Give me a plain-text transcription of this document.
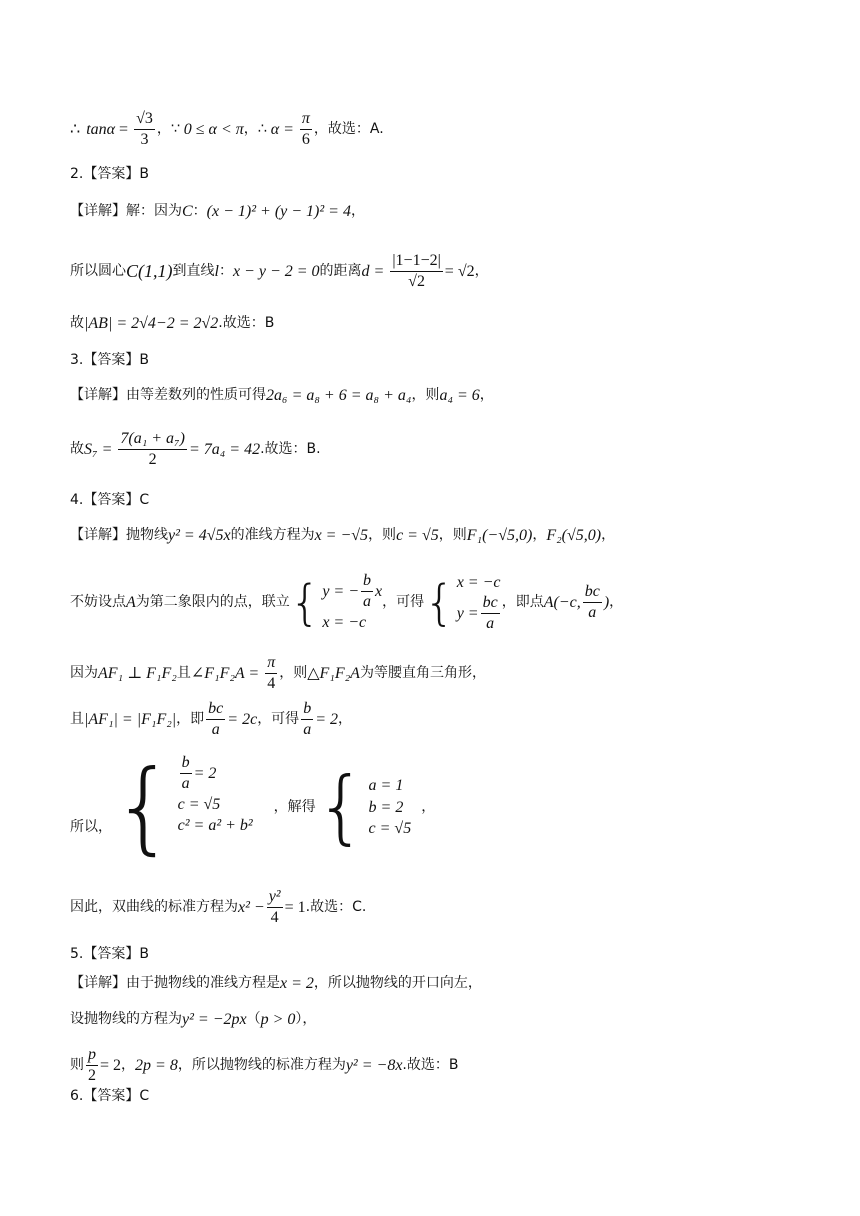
∴ $\tan\alpha = \frac{√3}{3}$ ，∵ 0 ≤ α < π ，∴ $\alpha = \frac{\pi}{6}$ ，故选：A.
2.【答案】B
【详解】解：因为 C ： (x − 1)² + (y − 1)² = 4 ，
所以圆心 C(1,1) 到直线 l ： x − y − 2 = 0 的距离 $d = \frac{|1-1-2|}{√2} = √2$ ，
故 |AB| = 2√4−2 = 2√2 .故选：B
3.【答案】B
【详解】由等差数列的性质可得 2a₆ = a₈ + 6 = a₈ + a₄ ，则 a₄ = 6 ，
故 $S_7 = \frac{\text{7(a₁ + a₇)}}{2} = 7a_4 = 42$ .故选：B.
4.【答案】C
【详解】抛物线 y² = 4√5x 的准线方程为 x = −√5 ，则 c = √5 ，则 F₁(−√5,0) ， F₂(√5,0) ，
不妨设点 A 为第二象限内的点，联立 { y = − $\frac{b}{a}$ x
x = −c
，可得 { x = −c
$y = \frac{bc}{a}$ ，即点 A(−c, $\frac{bc}{a}$ ) ，
因为 AF₁ ⊥ F₁F₂ 且 ∠F₁F₂A = $\frac{\pi}{4}$ ，则 △F₁F₂A 为等腰直角三角形，
且 |AF₁| = |F₁F₂| ，即 $\frac{bc}{a} = 2c$ ，可得 $\frac{b}{a} = 2$ ，
所以， { $\frac{b}{a} = 2$
c = √5
c² = a² + b²
，解得 { a = 1
b = 2
c = √5
，
因此，双曲线的标准方程为 $x^2 - \frac{\text{y²}}{4} = 1$ .故选：C.
5.【答案】B
【详解】由于抛物线的准线方程是 x = 2 ，所以抛物线的开口向左，
设抛物线的方程为 y² = −2px （ p > 0 ），
则 $\frac{p}{2} = 2$ ， 2p = 8 ，所以抛物线的标准方程为 y² = −8x .故选：B
6.【答案】C
